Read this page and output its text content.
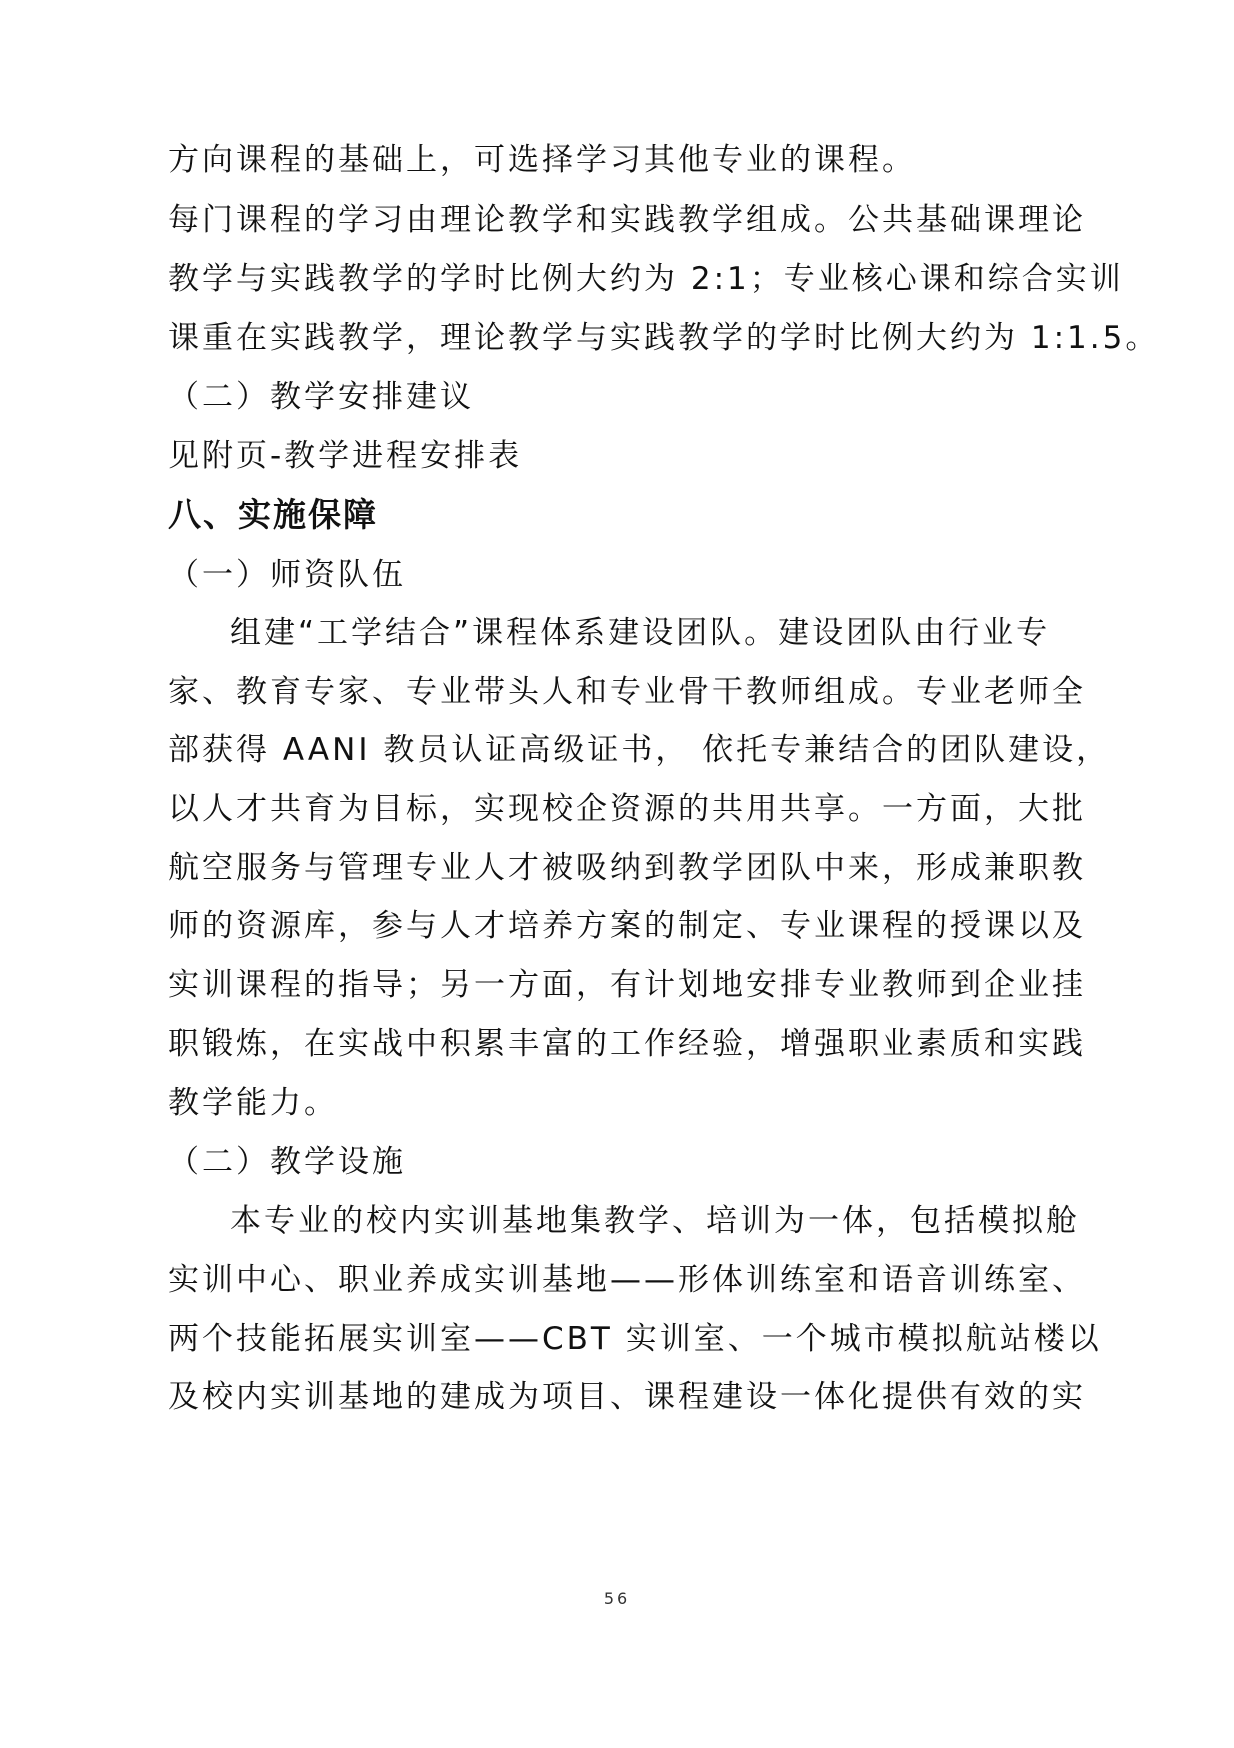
方向课程的基础上，可选择学习其他专业的课程。
每门课程的学习由理论教学和实践教学组成。公共基础课理论
教学与实践教学的学时比例大约为 2:1；专业核心课和综合实训
课重在实践教学，理论教学与实践教学的学时比例大约为 1:1.5。
（二）教学安排建议
见附页-教学进程安排表
八、实施保障
（一）师资队伍
组建“工学结合”课程体系建设团队。建设团队由行业专
家、教育专家、专业带头人和专业骨干教师组成。专业老师全
部获得 AANI 教员认证高级证书， 依托专兼结合的团队建设，
以人才共育为目标，实现校企资源的共用共享。一方面，大批
航空服务与管理专业人才被吸纳到教学团队中来，形成兼职教
师的资源库，参与人才培养方案的制定、专业课程的授课以及
实训课程的指导；另一方面，有计划地安排专业教师到企业挂
职锻炼，在实战中积累丰富的工作经验，增强职业素质和实践
教学能力。
（二）教学设施
本专业的校内实训基地集教学、培训为一体，包括模拟舱
实训中心、职业养成实训基地——形体训练室和语音训练室、
两个技能拓展实训室——CBT 实训室、一个城市模拟航站楼以
及校内实训基地的建成为项目、课程建设一体化提供有效的实
56
